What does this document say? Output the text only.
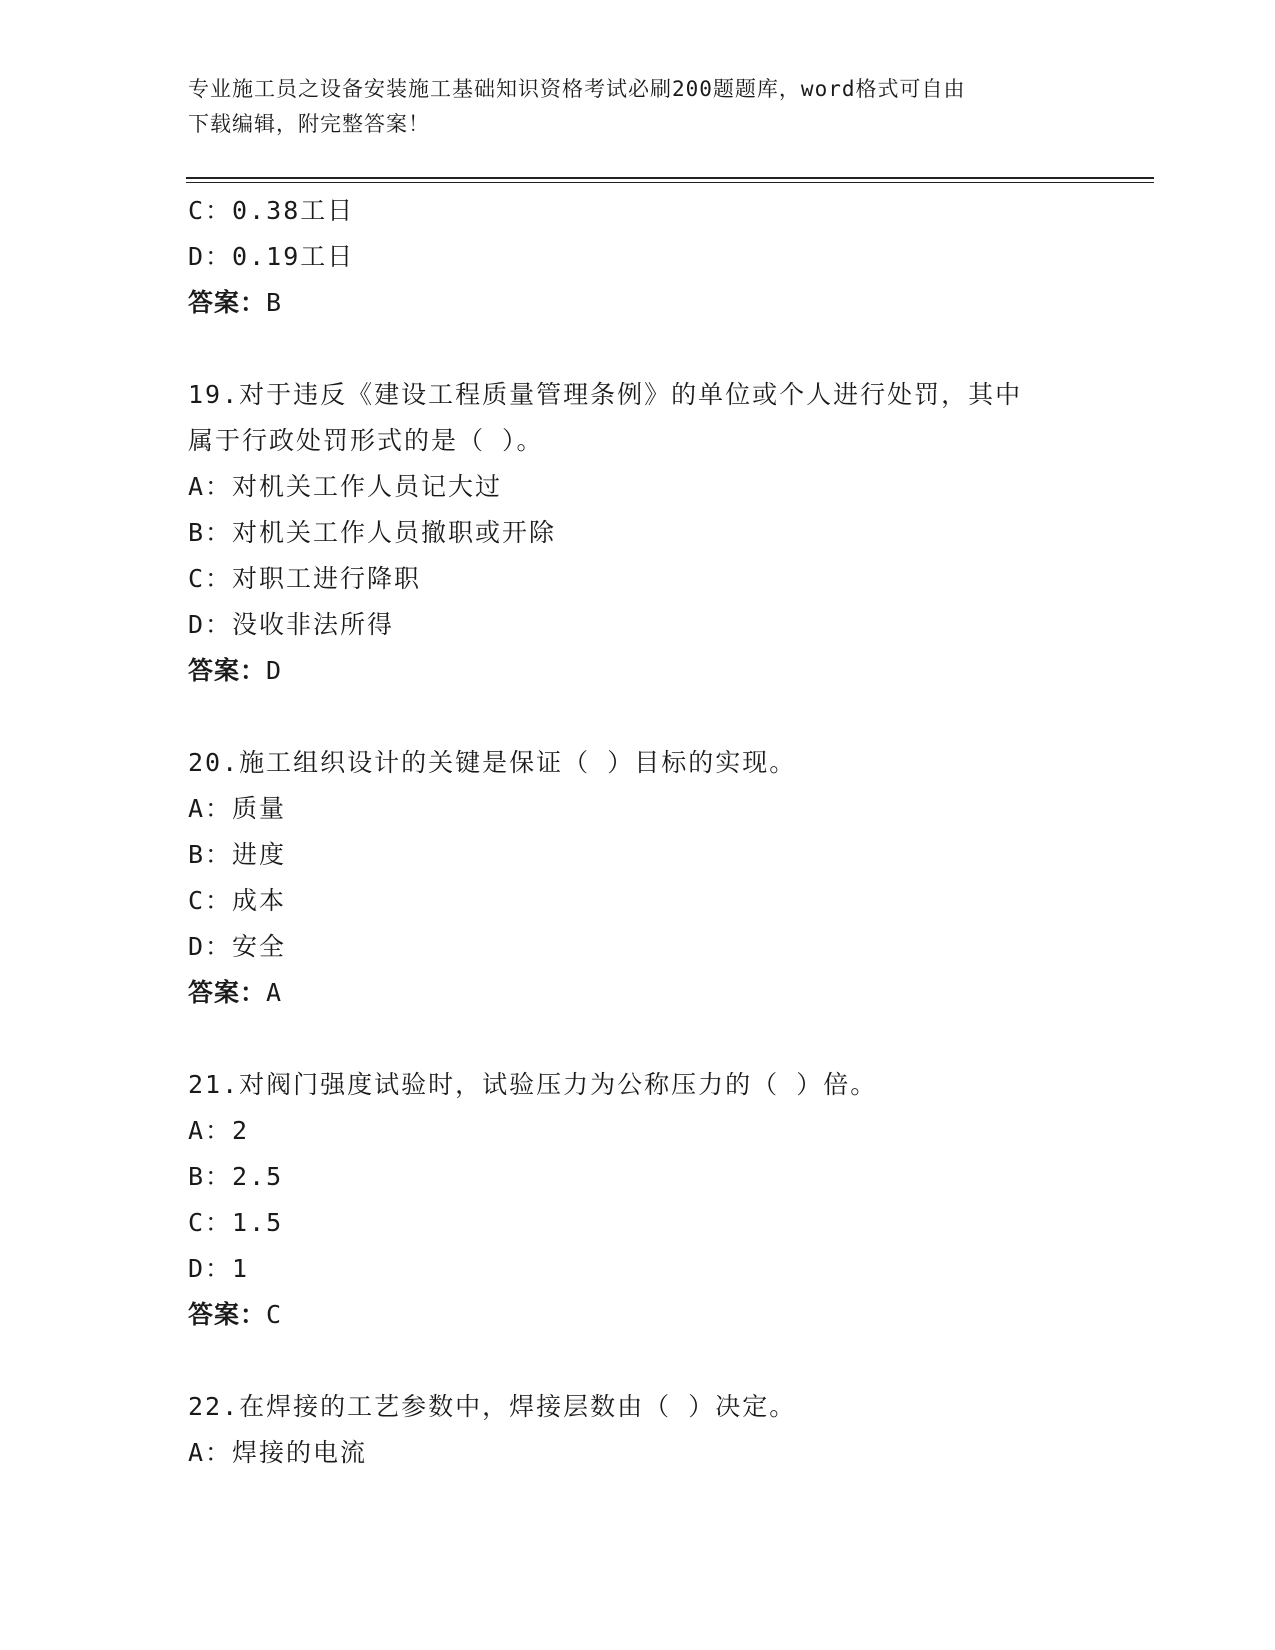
专业施工员之设备安装施工基础知识资格考试必刷200题题库，word格式可自由
下载编辑，附完整答案！
C：0.38工日
D：0.19工日
答案：B
19.对于违反《建设工程质量管理条例》的单位或个人进行处罚，其中
属于行政处罚形式的是（ ）。
A：对机关工作人员记大过
B：对机关工作人员撤职或开除
C：对职工进行降职
D：没收非法所得
答案：D
20.施工组织设计的关键是保证（ ）目标的实现。
A：质量
B：进度
C：成本
D：安全
答案：A
21.对阀门强度试验时，试验压力为公称压力的（ ）倍。
A：2
B：2.5
C：1.5
D：1
答案：C
22.在焊接的工艺参数中，焊接层数由（ ）决定。
A：焊接的电流
